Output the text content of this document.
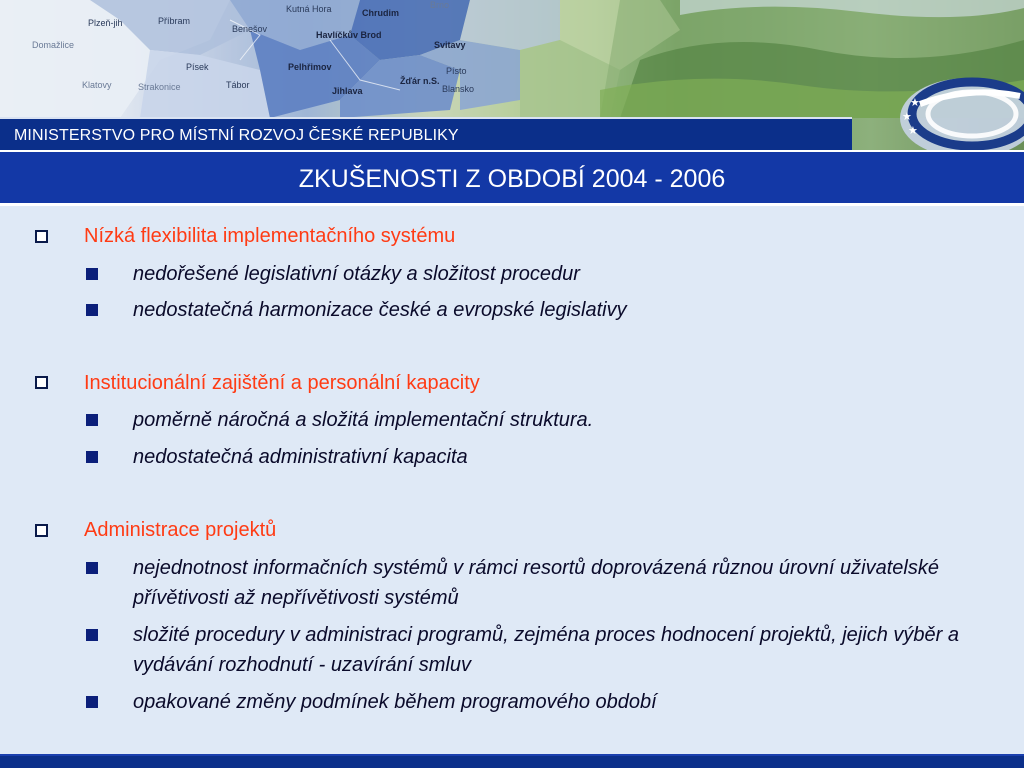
Plzeň-jih	Příbram
Benešov
Kutná Hora	Chrudim
Domažlice
Havlíčkův Brod
Svitavy
Písek	Pelhřimov
Klatovy	Strakonice	Tábor	Žďár n.S.
Jihlava	Blansko
Písto
Brno
MINISTERSTVO PRO MÍSTNÍ ROZVOJ ČESKÉ REPUBLIKY
★
★
★
ZKUŠENOSTI Z OBDOBÍ 2004 - 2006
Nízká flexibilita implementačního systému
nedořešené legislativní otázky a složitost procedur
nedostatečná harmonizace české a evropské legislativy
Institucionální zajištění a personální kapacity
poměrně náročná a složitá implementační struktura.
nedostatečná administrativní kapacita
Administrace projektů
nejednotnost informačních systémů v rámci resortů doprovázená různou úrovní uživatelské přívětivosti až nepřívětivosti systémů
složité procedury v administraci programů, zejména proces hodnocení projektů, jejich výběr a vydávání rozhodnutí - uzavírání smluv
opakované změny podmínek během programového období
